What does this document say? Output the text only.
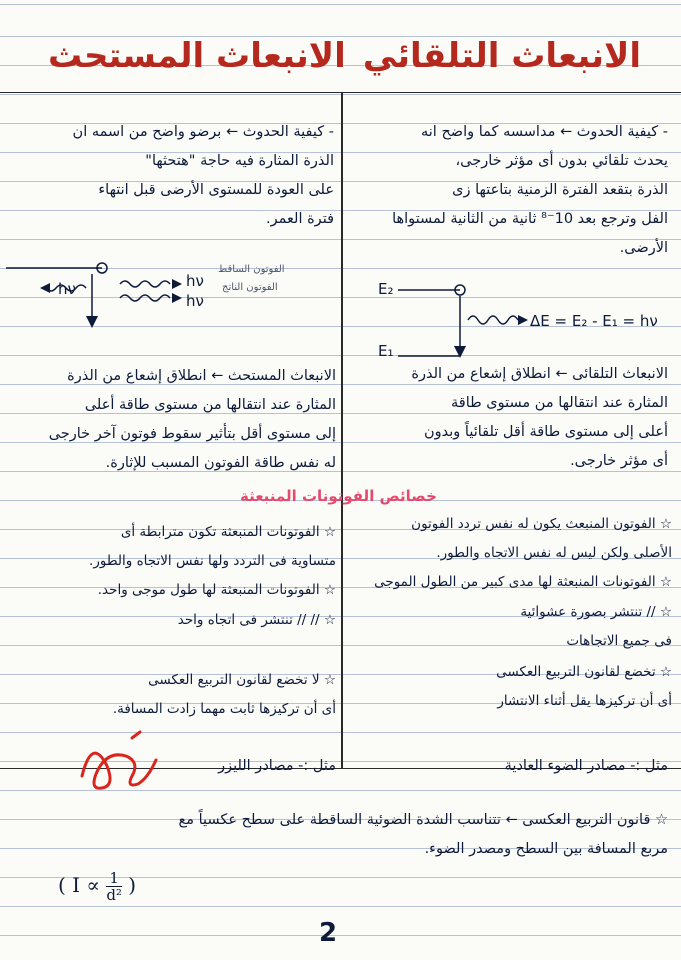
الانبعاث التلقائي
الانبعاث المستحث
- كيفية الحدوث ← مداسسه كما واضح انه
يحدث تلقائي بدون أى مؤثر خارجى،
الذرة بتقعد الفترة الزمنية بتاعتها زى
الفل وترجع بعد 10⁻⁸ ثانية من الثانية لمستواها
الأرضى.
E₂
E₁
ΔE = E₂ - E₁ = hν
الانبعاث التلقائى ← انطلاق إشعاع من الذرة
المثارة عند انتقالها من مستوى طاقة
أعلى إلى مستوى طاقة أقل تلقائياً وبدون
أى مؤثر خارجى.
خصائص الفوتونات المنبعثة
☆ الفوتون المنبعث يكون له نفس تردد الفوتون
الأصلى ولكن ليس له نفس الاتجاه والطور.
☆ الفوتونات المنبعثة لها مدى كبير من الطول الموجى
☆ // تنتشر بصورة عشوائية
فى جميع الاتجاهات
☆ تخضع لقانون التربيع العكسى
أى أن تركيزها يقل أثناء الانتشار
مثل :- مصادر الضوء العادية
- كيفية الحدوث ← برضو واضح من اسمه ان
الذرة المثارة فيه حاجة "هتحثها"
على العودة للمستوى الأرضى قبل انتهاء
فترة العمر.
hν	hν
hν
الفوتون الساقط
الفوتون الناتج
الانبعاث المستحث ← انطلاق إشعاع من الذرة
المثارة عند انتقالها من مستوى طاقة أعلى
إلى مستوى أقل بتأثير سقوط فوتون آخر خارجى
له نفس طاقة الفوتون المسبب للإثارة.
☆ الفوتونات المنبعثة تكون مترابطة أى
متساوية فى التردد ولها نفس الاتجاه والطور.
☆ الفوتونات المنبعثة لها طول موجى واحد.
☆ // // تنتشر فى اتجاه واحد
☆ لا تخضع لقانون التربيع العكسى
أى أن تركيزها ثابت مهما زادت المسافة.
مثل :- مصادر الليزر
☆ قانون التربيع العكسى ← تتناسب الشدة الضوئية الساقطة على سطح عكسياً مع
مربع المسافة بين السطح ومصدر الضوء.
( $I \propto \frac{1}{\text{d²}}$ )
2
